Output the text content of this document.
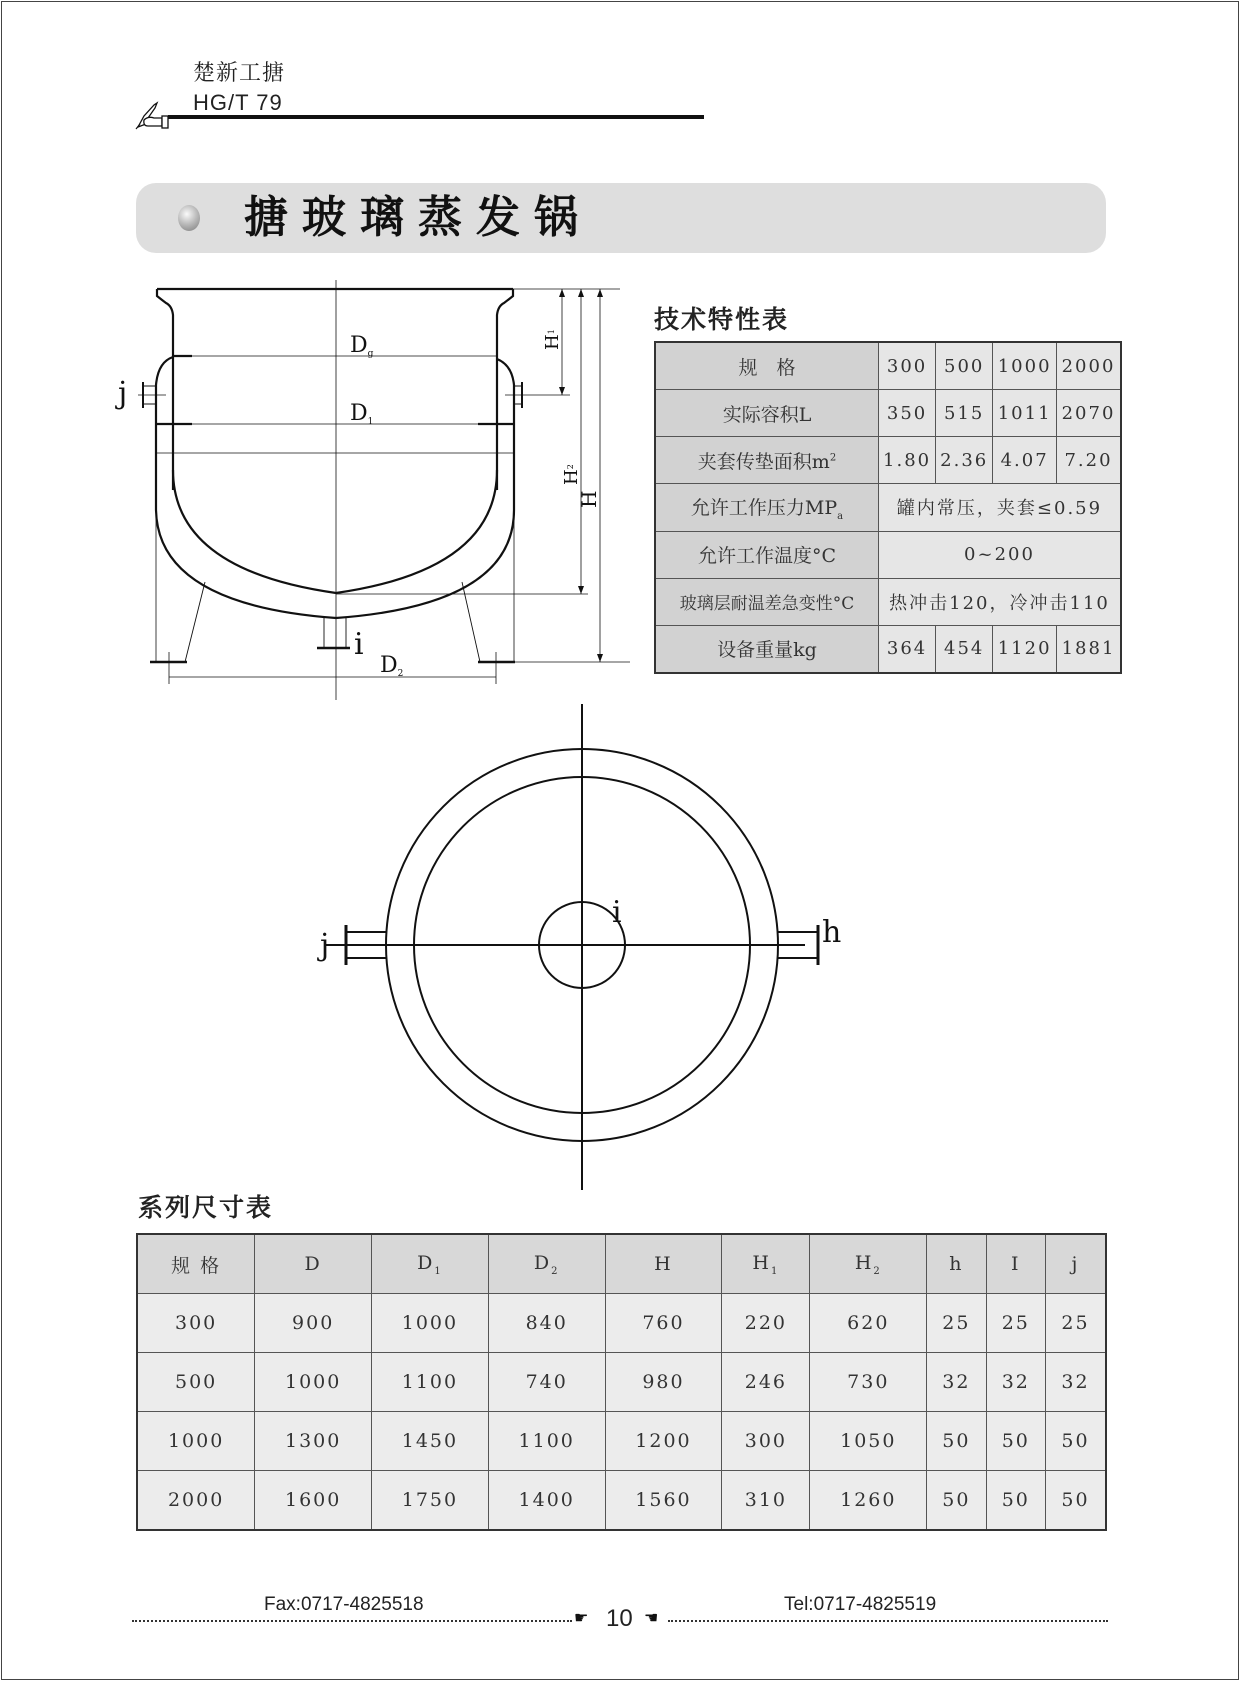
楚新工搪
HG/T 79
搪玻璃蒸发锅
Dg
D1
D2
j
i
$H^1$
$H^2$
H
技术特性表
规　格	300	500	1000	2000
实际容积L	350	515	1011	2070
夹套传垫面积$m^2$	1.80	2.36	4.07	7.20
允许工作压力$MP_a$	罐内常压，夹套≤0.59			
允许工作温度°C	0~200			
玻璃层耐温差急变性°C	热冲击120，冷冲击110			
设备重量kg	364	454	1120	1881
j	h
i
系列尺寸表
规 格	D	$D_1$	$D_2$	H	$H_1$	$H_2$	h	I	j
300	900	1000	840	760	220	620	25	25	25
500	1000	1100	740	980	246	730	32	32	32
1000	1300	1450	1100	1200	300	1050	50	50	50
2000	1600	1750	1400	1560	310	1260	50	50	50
Fax:0717-4825518	Tel:0717-4825519
☛ 10 ☚
